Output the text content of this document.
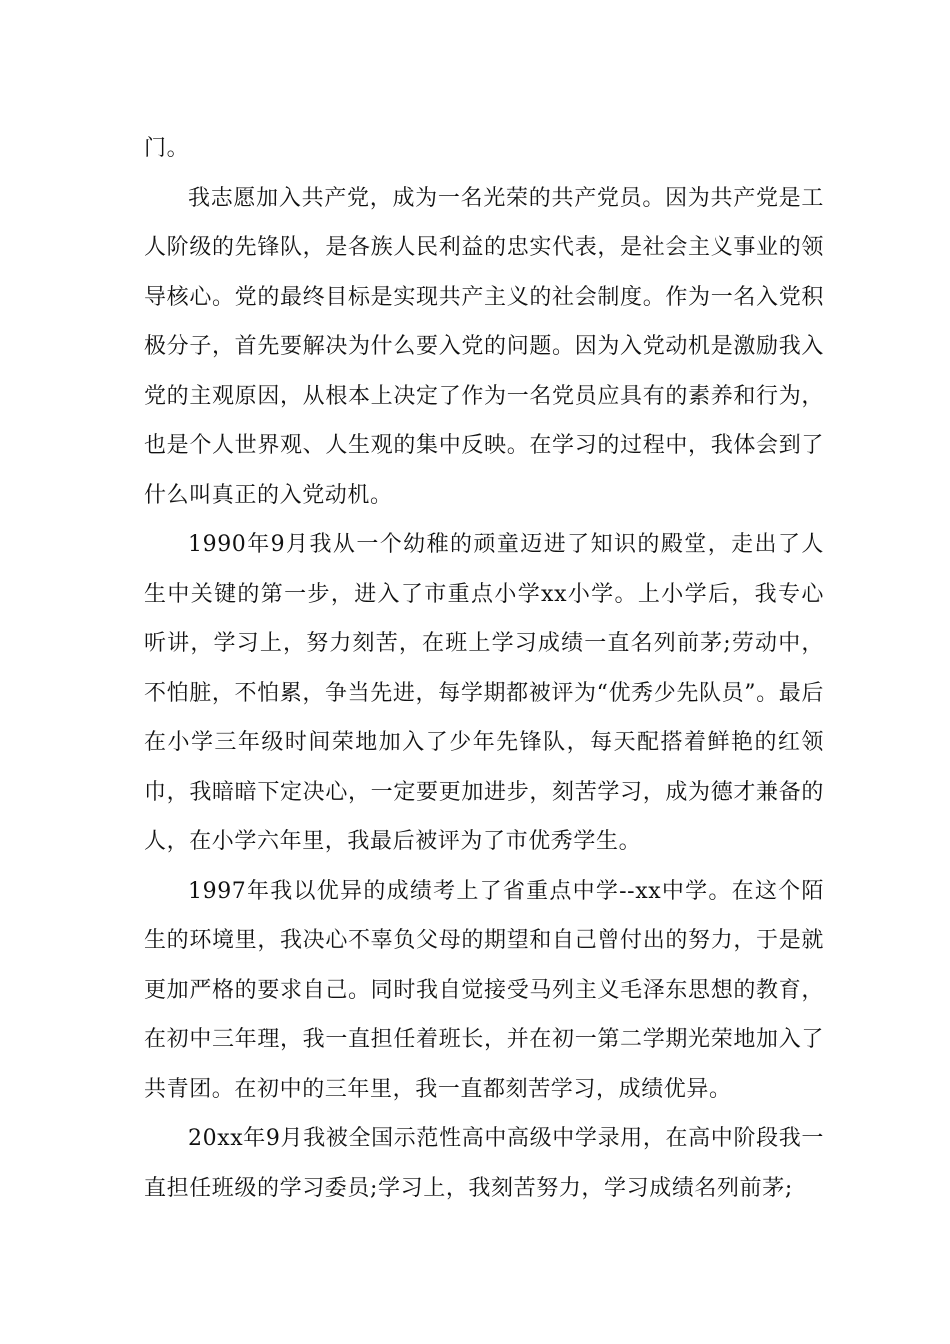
门。

我志愿加入共产党，成为一名光荣的共产党员。因为共产党是工人阶级的先锋队，是各族人民利益的忠实代表，是社会主义事业的领导核心。党的最终目标是实现共产主义的社会制度。作为一名入党积极分子，首先要解决为什么要入党的问题。因为入党动机是激励我入党的主观原因，从根本上决定了作为一名党员应具有的素养和行为，也是个人世界观、人生观的集中反映。在学习的过程中，我体会到了什么叫真正的入党动机。

1990年9月我从一个幼稚的顽童迈进了知识的殿堂，走出了人生中关键的第一步，进入了市重点小学xx小学。上小学后，我专心听讲，学习上，努力刻苦，在班上学习成绩一直名列前茅;劳动中，不怕脏，不怕累，争当先进，每学期都被评为“优秀少先队员”。最后在小学三年级时间荣地加入了少年先锋队，每天配搭着鲜艳的红领巾，我暗暗下定决心，一定要更加进步，刻苦学习，成为德才兼备的人，在小学六年里，我最后被评为了市优秀学生。

1997年我以优异的成绩考上了省重点中学--xx中学。在这个陌生的环境里，我决心不辜负父母的期望和自己曾付出的努力，于是就更加严格的要求自己。同时我自觉接受马列主义毛泽东思想的教育，在初中三年理，我一直担任着班长，并在初一第二学期光荣地加入了共青团。在初中的三年里，我一直都刻苦学习，成绩优异。

20xx年9月我被全国示范性高中高级中学录用，在高中阶段我一直担任班级的学习委员;学习上，我刻苦努力，学习成绩名列前茅;
